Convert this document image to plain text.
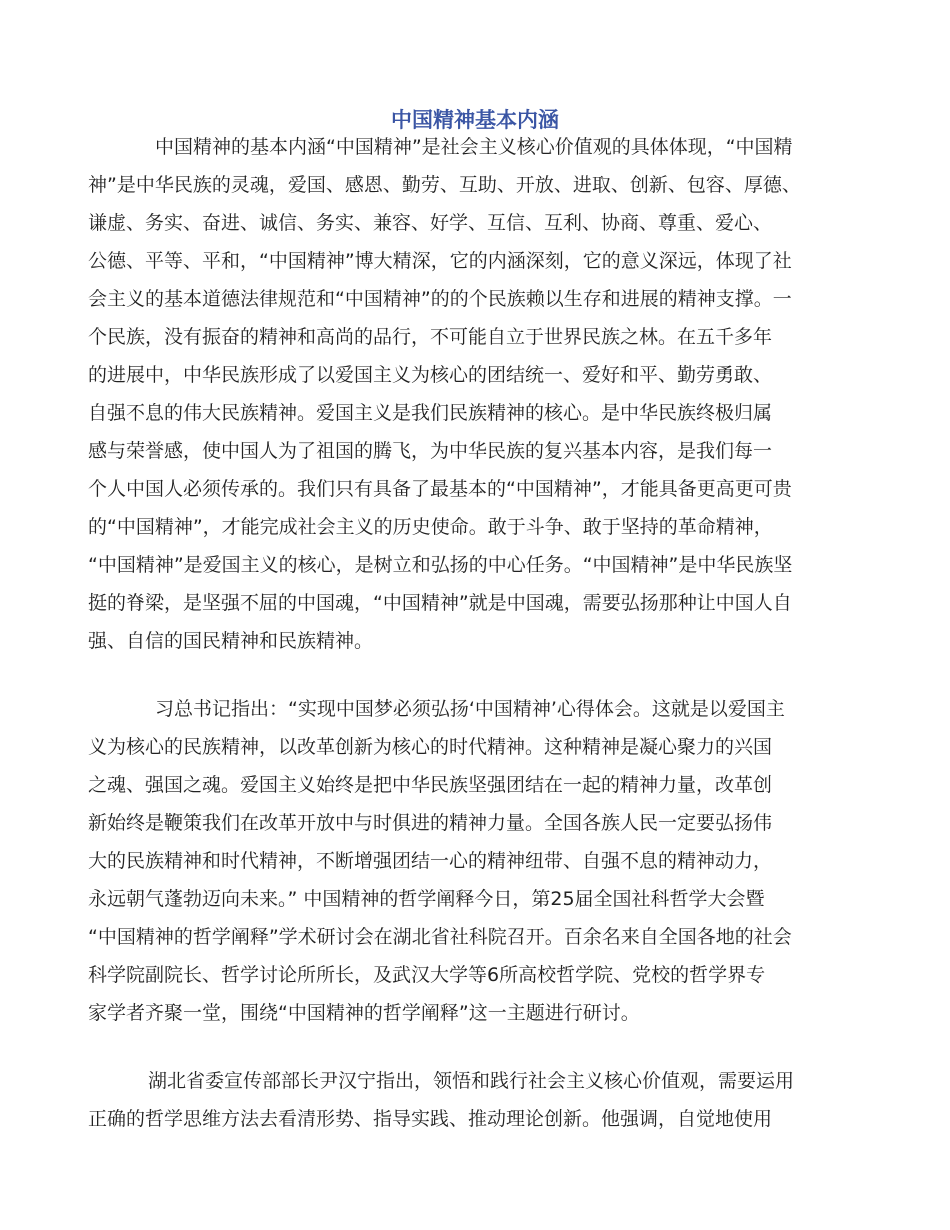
中国精神基本内涵

中国精神的基本内涵“中国精神”是社会主义核心价值观的具体体现，“中国精

神”是中华民族的灵魂，爱国、感恩、勤劳、互助、开放、进取、创新、包容、厚德、

谦虚、务实、奋进、诚信、务实、兼容、好学、互信、互利、协商、尊重、爱心、

公德、平等、平和，“中国精神”博大精深，它的内涵深刻，它的意义深远，体现了社

会主义的基本道德法律规范和“中国精神”的的个民族赖以生存和进展的精神支撑。一

个民族，没有振奋的精神和高尚的品行，不可能自立于世界民族之林。在五千多年

的进展中，中华民族形成了以爱国主义为核心的团结统一、爱好和平、勤劳勇敢、

自强不息的伟大民族精神。爱国主义是我们民族精神的核心。是中华民族终极归属

感与荣誉感，使中国人为了祖国的腾飞，为中华民族的复兴基本内容，是我们每一

个人中国人必须传承的。我们只有具备了最基本的“中国精神”，才能具备更高更可贵

的“中国精神”，才能完成社会主义的历史使命。敢于斗争、敢于坚持的革命精神，

“中国精神”是爱国主义的核心，是树立和弘扬的中心任务。“中国精神”是中华民族坚

挺的脊梁，是坚强不屈的中国魂，“中国精神”就是中国魂，需要弘扬那种让中国人自

强、自信的国民精神和民族精神。

习总书记指出：“实现中国梦必须弘扬‘中国精神’心得体会。这就是以爱国主

义为核心的民族精神，以改革创新为核心的时代精神。这种精神是凝心聚力的兴国

之魂、强国之魂。爱国主义始终是把中华民族坚强团结在一起的精神力量，改革创

新始终是鞭策我们在改革开放中与时俱进的精神力量。全国各族人民一定要弘扬伟

大的民族精神和时代精神，不断增强团结一心的精神纽带、自强不息的精神动力，

永远朝气蓬勃迈向未来。” 中国精神的哲学阐释今日，第25届全国社科哲学大会暨

“中国精神的哲学阐释”学术研讨会在湖北省社科院召开。百余名来自全国各地的社会

科学院副院长、哲学讨论所所长，及武汉大学等6所高校哲学院、党校的哲学界专

家学者齐聚一堂，围绕“中国精神的哲学阐释”这一主题进行研讨。

湖北省委宣传部部长尹汉宁指出，领悟和践行社会主义核心价值观，需要运用

正确的哲学思维方法去看清形势、指导实践、推动理论创新。他强调，自觉地使用
